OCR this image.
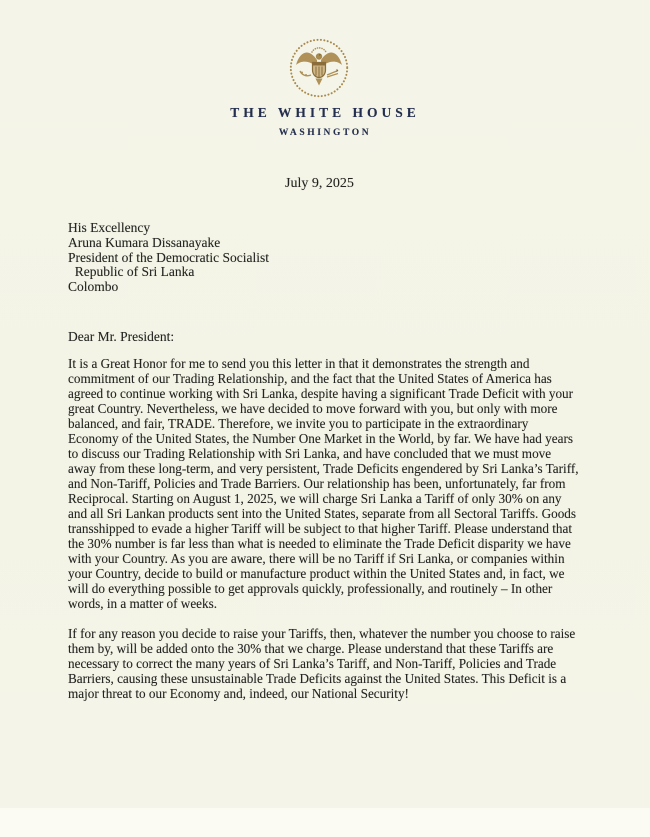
THE WHITE HOUSE
WASHINGTON
July 9, 2025
His Excellency
Aruna Kumara Dissanayake
President of the Democratic Socialist
Republic of Sri Lanka
Colombo
Dear Mr. President:
It is a Great Honor for me to send you this letter in that it demonstrates the strength and
commitment of our Trading Relationship, and the fact that the United States of America has
agreed to continue working with Sri Lanka, despite having a significant Trade Deficit with your
great Country. Nevertheless, we have decided to move forward with you, but only with more
balanced, and fair, TRADE. Therefore, we invite you to participate in the extraordinary
Economy of the United States, the Number One Market in the World, by far. We have had years
to discuss our Trading Relationship with Sri Lanka, and have concluded that we must move
away from these long-term, and very persistent, Trade Deficits engendered by Sri Lanka’s Tariff,
and Non-Tariff, Policies and Trade Barriers. Our relationship has been, unfortunately, far from
Reciprocal. Starting on August 1, 2025, we will charge Sri Lanka a Tariff of only 30% on any
and all Sri Lankan products sent into the United States, separate from all Sectoral Tariffs. Goods
transshipped to evade a higher Tariff will be subject to that higher Tariff. Please understand that
the 30% number is far less than what is needed to eliminate the Trade Deficit disparity we have
with your Country. As you are aware, there will be no Tariff if Sri Lanka, or companies within
your Country, decide to build or manufacture product within the United States and, in fact, we
will do everything possible to get approvals quickly, professionally, and routinely – In other
words, in a matter of weeks.
If for any reason you decide to raise your Tariffs, then, whatever the number you choose to raise
them by, will be added onto the 30% that we charge. Please understand that these Tariffs are
necessary to correct the many years of Sri Lanka’s Tariff, and Non-Tariff, Policies and Trade
Barriers, causing these unsustainable Trade Deficits against the United States. This Deficit is a
major threat to our Economy and, indeed, our National Security!
